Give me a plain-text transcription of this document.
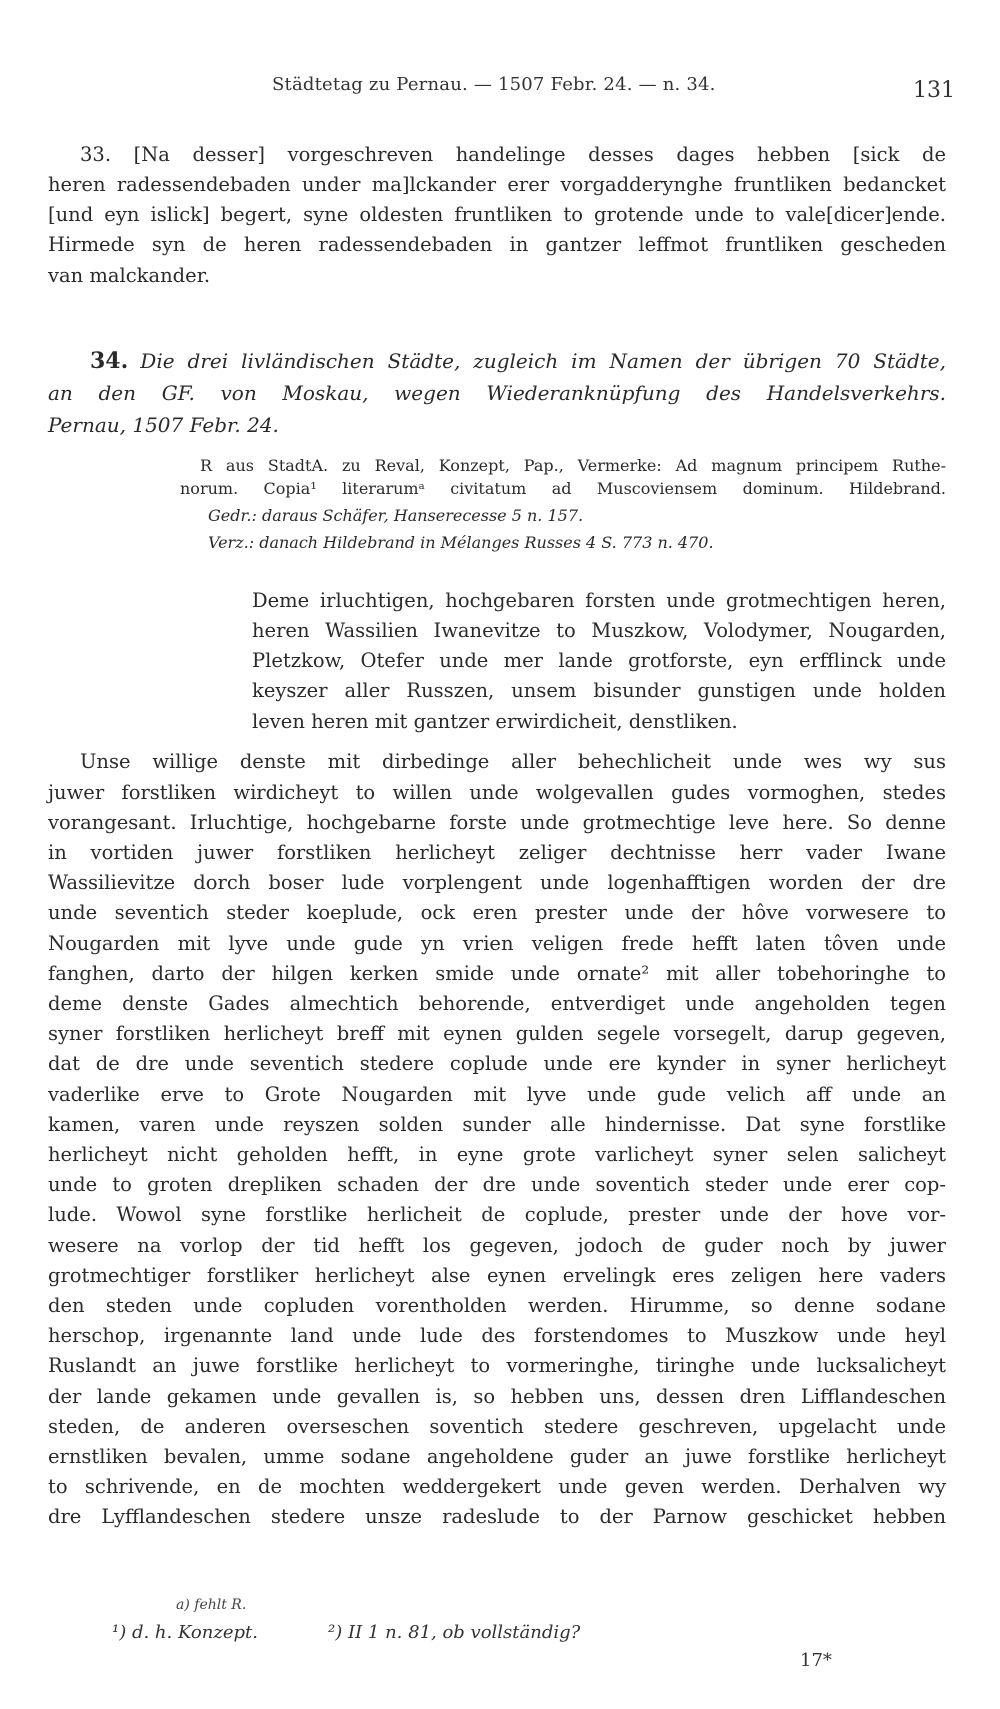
Städtetag zu Pernau. — 1507 Febr. 24. — n. 34.	131
33. [Na desser] vorgeschreven handelinge desses dages hebben [sick de
heren radessendebaden under ma]lckander erer vorgadderynghe fruntliken bedancket
[und eyn islick] begert, syne oldesten fruntliken to grotende unde to vale[dicer]ende.
Hirmede syn de heren radessendebaden in gantzer leffmot fruntliken gescheden
van malckander.
34. Die drei livländischen Städte, zugleich im Namen der übrigen 70 Städte,
an den GF. von Moskau, wegen Wiederanknüpfung des Handelsverkehrs.
Pernau, 1507 Febr. 24.
R aus StadtA. zu Reval, Konzept, Pap., Vermerke: Ad magnum principem Ruthe-
norum. Copia¹ literarumᵃ civitatum ad Muscoviensem dominum. Hildebrand.
Gedr.: daraus Schäfer, Hanserecesse 5 n. 157.
Verz.: danach Hildebrand in Mélanges Russes 4 S. 773 n. 470.
Deme irluchtigen, hochgebaren forsten unde grotmechtigen heren,
heren Wassilien Iwanevitze to Muszkow, Volodymer, Nougarden,
Pletzkow, Otefer unde mer lande grotforste, eyn erfflinck unde
keyszer aller Russzen, unsem bisunder gunstigen unde holden
leven heren mit gantzer erwirdicheit, denstliken.
Unse willige denste mit dirbedinge aller behechlicheit unde wes wy sus
juwer forstliken wirdicheyt to willen unde wolgevallen gudes vormoghen, stedes
vorangesant. Irluchtige, hochgebarne forste unde grotmechtige leve here. So denne
in vortiden juwer forstliken herlicheyt zeliger dechtnisse herr vader Iwane
Wassilievitze dorch boser lude vorplengent unde logenhafftigen worden der dre
unde seventich steder koeplude, ock eren prester unde der hôve vorwesere to
Nougarden mit lyve unde gude yn vrien veligen frede hefft laten tôven unde
fanghen, darto der hilgen kerken smide unde ornate² mit aller tobehoringhe to
deme denste Gades almechtich behorende, entverdiget unde angeholden tegen
syner forstliken herlicheyt breff mit eynen gulden segele vorsegelt, darup gegeven,
dat de dre unde seventich stedere coplude unde ere kynder in syner herlicheyt
vaderlike erve to Grote Nougarden mit lyve unde gude velich aff unde an
kamen, varen unde reyszen solden sunder alle hindernisse. Dat syne forstlike
herlicheyt nicht geholden hefft, in eyne grote varlicheyt syner selen salicheyt
unde to groten drepliken schaden der dre unde soventich steder unde erer cop-
lude. Wowol syne forstlike herlicheit de coplude, prester unde der hove vor-
wesere na vorlop der tid hefft los gegeven, jodoch de guder noch by juwer
grotmechtiger forstliker herlicheyt alse eynen ervelingk eres zeligen here vaders
den steden unde copluden vorentholden werden. Hirumme, so denne sodane
herschop, irgenannte land unde lude des forstendomes to Muszkow unde heyl
Ruslandt an juwe forstlike herlicheyt to vormeringhe, tiringhe unde lucksalicheyt
der lande gekamen unde gevallen is, so hebben uns, dessen dren Lifflandeschen
steden, de anderen overseschen soventich stedere geschreven, upgelacht unde
ernstliken bevalen, umme sodane angeholdene guder an juwe forstlike herlicheyt
to schrivende, en de mochten weddergekert unde geven werden. Derhalven wy
dre Lyfflandeschen stedere unsze radeslude to der Parnow geschicket hebben
a) fehlt R.
¹) d. h. Konzept.	²) II 1 n. 81, ob vollständig?
17*
